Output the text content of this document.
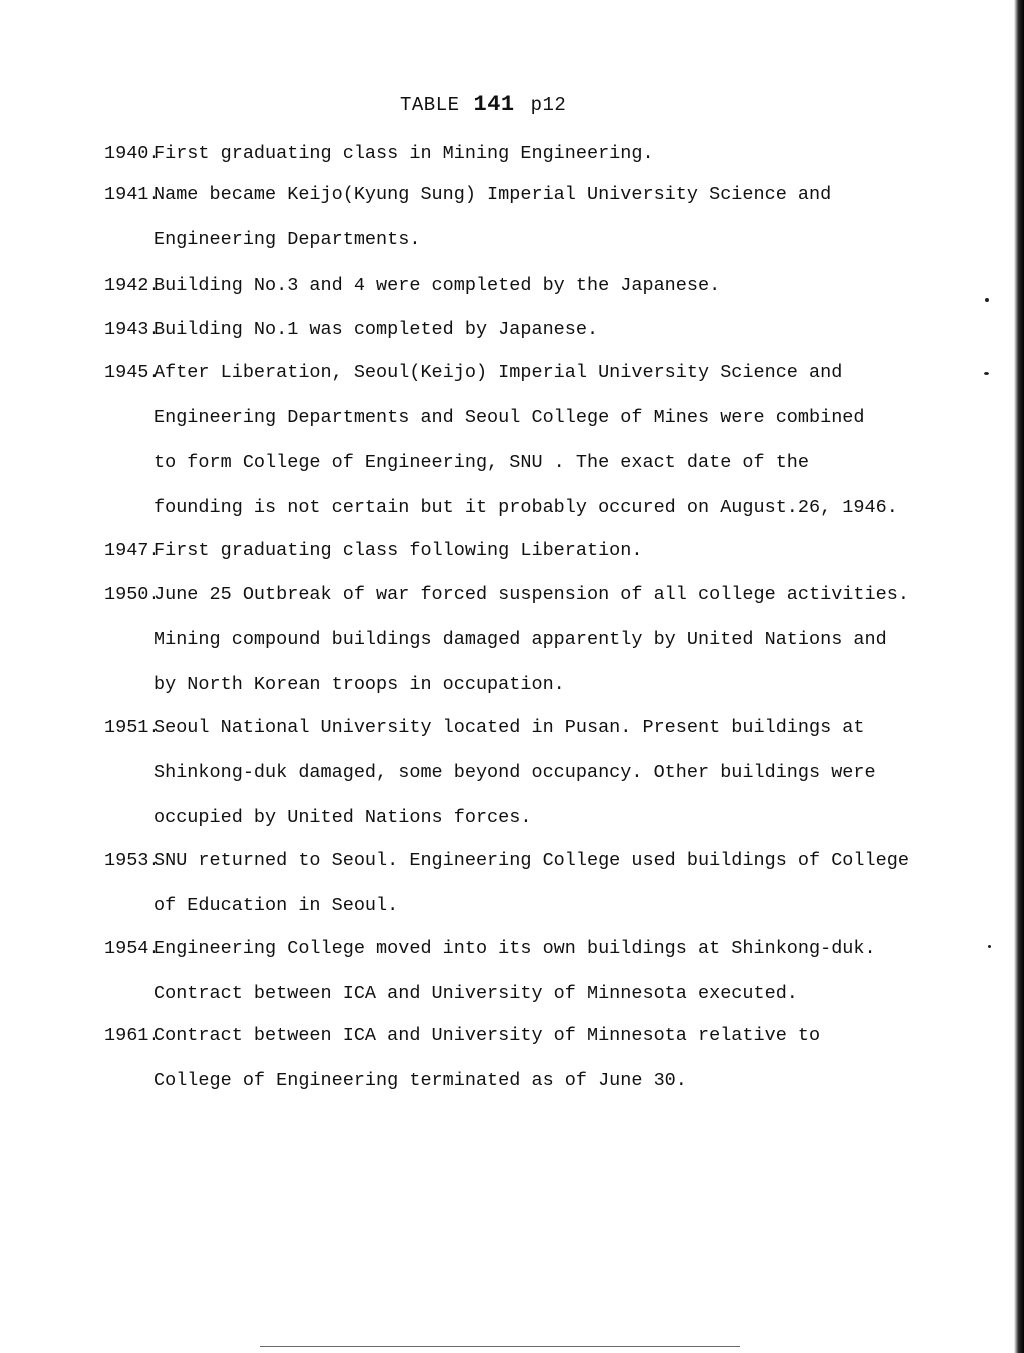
TABLE 141 p12
1940.
First graduating class in Mining Engineering.
1941.
Name became Keijo(Kyung Sung) Imperial University Science and
Engineering Departments.
1942.
Building No.3 and 4 were completed by the Japanese.
1943.
Building No.1 was completed by Japanese.
1945.
After Liberation, Seoul(Keijo) Imperial University Science and
Engineering Departments and Seoul College of Mines were combined
to form College of Engineering, SNU . The exact date of the
founding is not certain but it probably occured on August.26, 1946.
1947.
First graduating class following Liberation.
1950.
June 25 Outbreak of war forced suspension of all college activities.
Mining compound buildings damaged apparently by United Nations and
by North Korean troops in occupation.
1951.
Seoul National University located in Pusan. Present buildings at
Shinkong-duk damaged, some beyond occupancy. Other buildings were
occupied by United Nations forces.
1953.
SNU returned to Seoul. Engineering College used buildings of College
of Education in Seoul.
1954.
Engineering College moved into its own buildings at Shinkong-duk.
Contract between ICA and University of Minnesota executed.
1961.
Contract between ICA and University of Minnesota relative to
College of Engineering terminated as of June 30.
